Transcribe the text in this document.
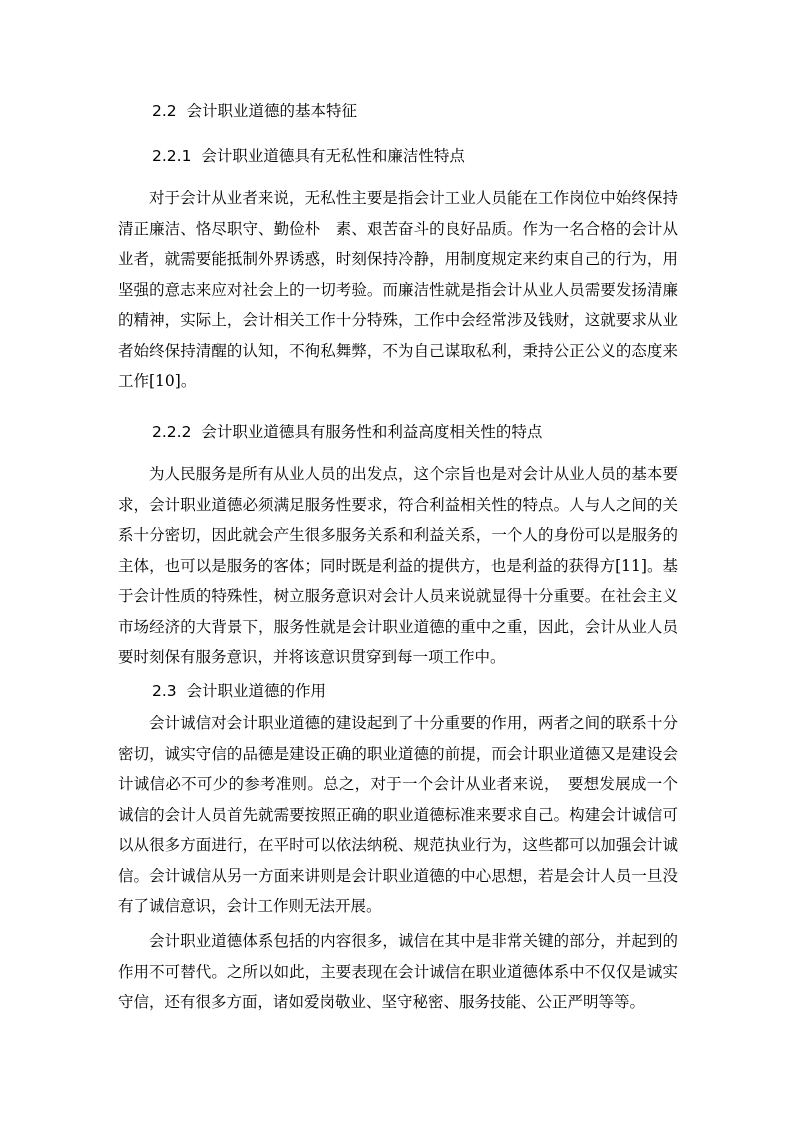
2.2 会计职业道德的基本特征
2.2.1 会计职业道德具有无私性和廉洁性特点

对于会计从业者来说，无私性主要是指会计工业人员能在工作岗位中始终保持清正廉洁、恪尽职守、勤俭朴　素、艰苦奋斗的良好品质。作为一名合格的会计从业者，就需要能抵制外界诱惑，时刻保持冷静，用制度规定来约束自己的行为，用坚强的意志来应对社会上的一切考验。而廉洁性就是指会计从业人员需要发扬清廉的精神，实际上，会计相关工作十分特殊，工作中会经常涉及钱财，这就要求从业者始终保持清醒的认知，不徇私舞弊，不为自己谋取私利，秉持公正公义的态度来工作[10]。

2.2.2 会计职业道德具有服务性和利益高度相关性的特点

为人民服务是所有从业人员的出发点，这个宗旨也是对会计从业人员的基本要求，会计职业道德必须满足服务性要求，符合利益相关性的特点。人与人之间的关系十分密切，因此就会产生很多服务关系和利益关系，一个人的身份可以是服务的主体，也可以是服务的客体；同时既是利益的提供方，也是利益的获得方[11]。基于会计性质的特殊性，树立服务意识对会计人员来说就显得十分重要。在社会主义市场经济的大背景下，服务性就是会计职业道德的重中之重，因此，会计从业人员要时刻保有服务意识，并将该意识贯穿到每一项工作中。

2.3 会计职业道德的作用

会计诚信对会计职业道德的建设起到了十分重要的作用，两者之间的联系十分密切，诚实守信的品德是建设正确的职业道德的前提，而会计职业道德又是建设会计诚信必不可少的参考准则。总之，对于一个会计从业者来说，　要想发展成一个诚信的会计人员首先就需要按照正确的职业道德标准来要求自己。构建会计诚信可以从很多方面进行，在平时可以依法纳税、规范执业行为，这些都可以加强会计诚信。会计诚信从另一方面来讲则是会计职业道德的中心思想，若是会计人员一旦没有了诚信意识，会计工作则无法开展。

会计职业道德体系包括的内容很多，诚信在其中是非常关键的部分，并起到的作用不可替代。之所以如此，主要表现在会计诚信在职业道德体系中不仅仅是诚实守信，还有很多方面，诸如爱岗敬业、坚守秘密、服务技能、公正严明等等。
